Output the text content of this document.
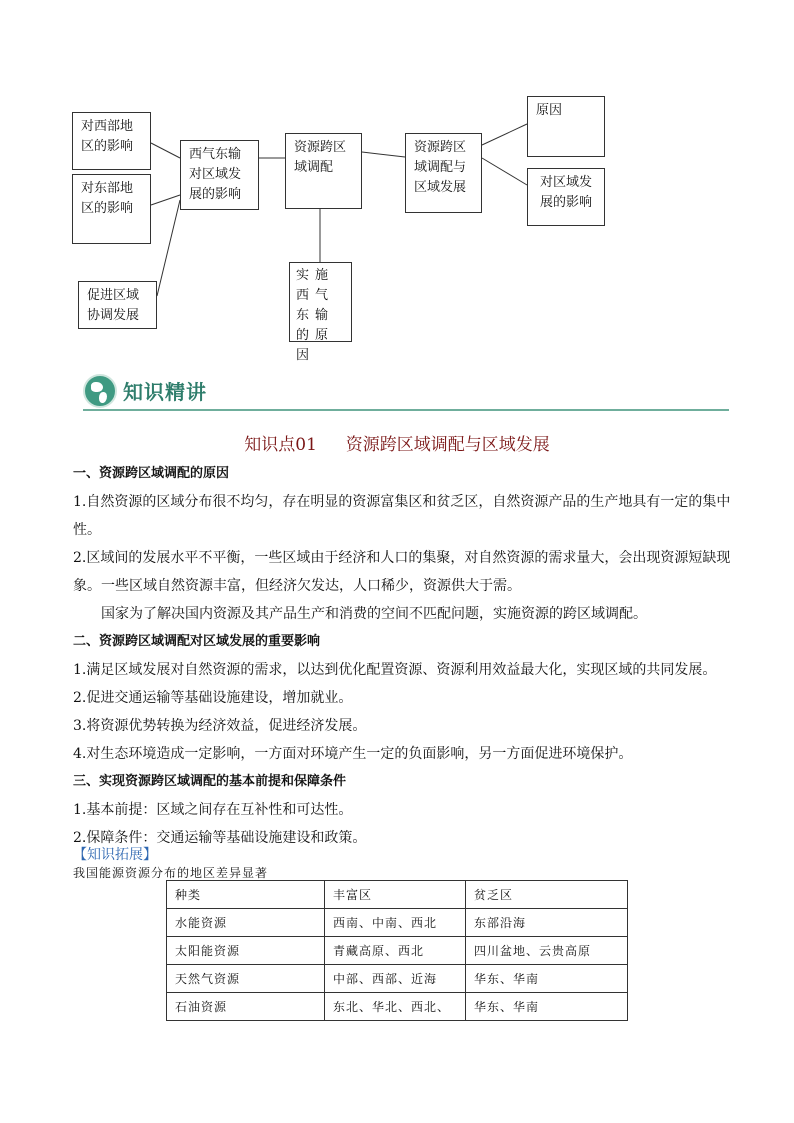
对西部地区的影响
对东部地区的影响
促进区域协调发展
西气东输对区域发展的影响
资源跨区域调配
实施西气东输的原因
资源跨区域调配与区域发展
原因
对区域发展的影响
知识精讲
知识点01 资源跨区域调配与区域发展
一、资源跨区域调配的原因
1.自然资源的区域分布很不均匀，存在明显的资源富集区和贫乏区，自然资源产品的生产地具有一定的集中性。
2.区域间的发展水平不平衡，一些区域由于经济和人口的集聚，对自然资源的需求量大，会出现资源短缺现象。一些区域自然资源丰富，但经济欠发达，人口稀少，资源供大于需。
国家为了解决国内资源及其产品生产和消费的空间不匹配问题，实施资源的跨区域调配。
二、资源跨区域调配对区域发展的重要影响
1.满足区域发展对自然资源的需求，以达到优化配置资源、资源利用效益最大化，实现区域的共同发展。
2.促进交通运输等基础设施建设，增加就业。
3.将资源优势转换为经济效益，促进经济发展。
4.对生态环境造成一定影响，一方面对环境产生一定的负面影响，另一方面促进环境保护。
三、实现资源跨区域调配的基本前提和保障条件
1.基本前提：区域之间存在互补性和可达性。
2.保障条件：交通运输等基础设施建设和政策。
【知识拓展】
我国能源资源分布的地区差异显著
种类	丰富区	贫乏区
水能资源	西南、中南、西北	东部沿海
太阳能资源	青藏高原、西北	四川盆地、云贵高原
天然气资源	中部、西部、近海	华东、华南
石油资源	东北、华北、西北、	华东、华南
